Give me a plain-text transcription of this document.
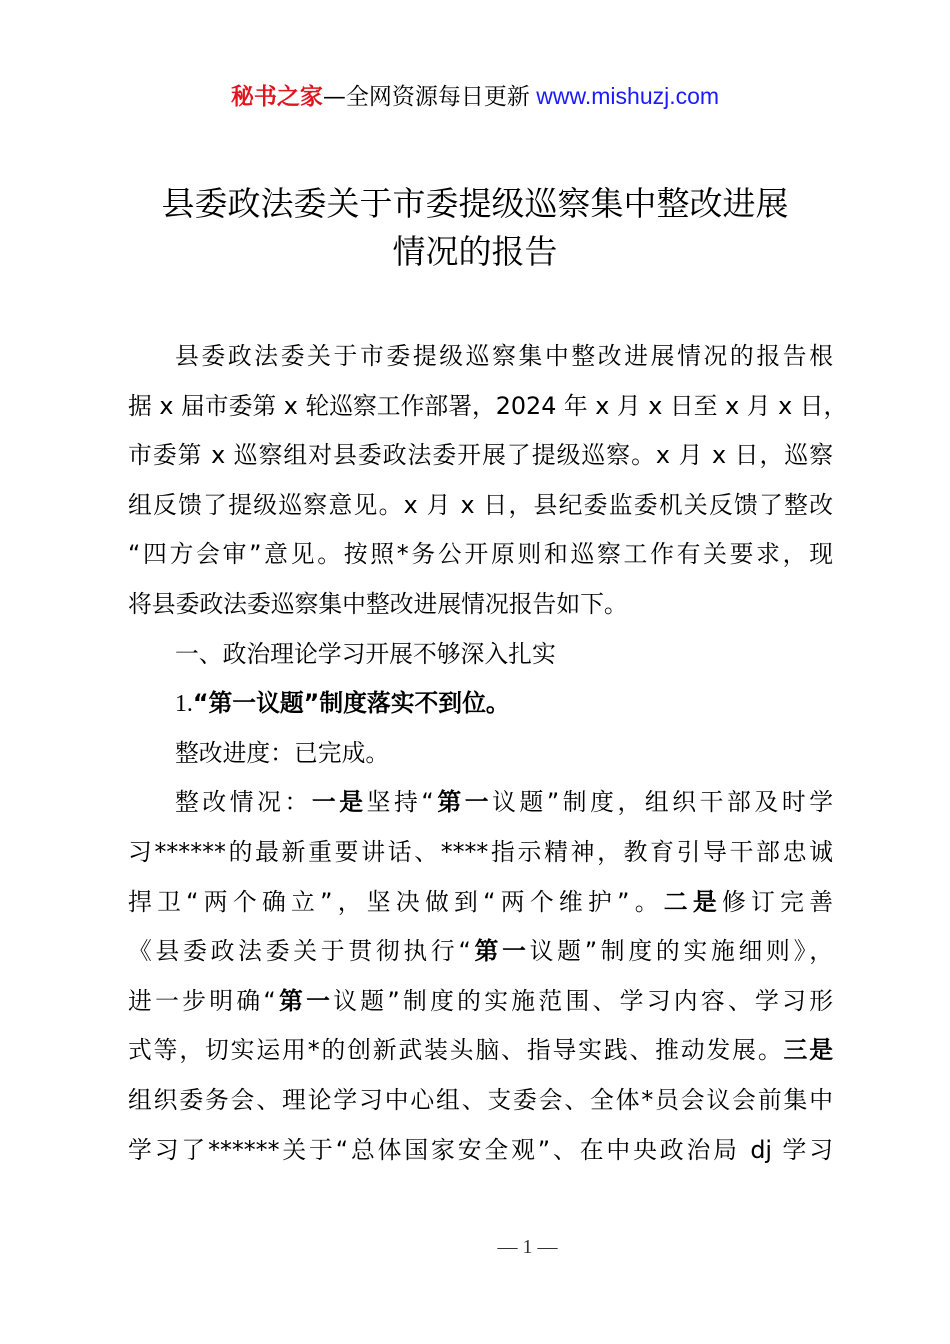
秘书之家—全网资源每日更新 www.mishuzj.com
县委政法委关于市委提级巡察集中整改进展
情况的报告
县委政法委关于市委提级巡察集中整改进展情况的报告根
据 x 届市委第 x 轮巡察工作部署，2024 年 x 月 x 日至 x 月 x 日，
市委第 x 巡察组对县委政法委开展了提级巡察。x 月 x 日，巡察
组反馈了提级巡察意见。x 月 x 日，县纪委监委机关反馈了整改
“四方会审”意见。按照*务公开原则和巡察工作有关要求，现
将县委政法委巡察集中整改进展情况报告如下。
一、政治理论学习开展不够深入扎实
1.“第一议题”制度落实不到位。
整改进度：已完成。
整改情况：一是坚持“第一议题”制度，组织干部及时学
习******的最新重要讲话、****指示精神，教育引导干部忠诚
捍卫“两个确立”，坚决做到“两个维护”。二是修订完善
《县委政法委关于贯彻执行“第一议题”制度的实施细则》，
进一步明确“第一议题”制度的实施范围、学习内容、学习形
式等，切实运用*的创新武装头脑、指导实践、推动发展。三是
组织委务会、理论学习中心组、支委会、全体*员会议会前集中
学习了******关于“总体国家安全观”、在中央政治局 dj 学习
— 1 —
